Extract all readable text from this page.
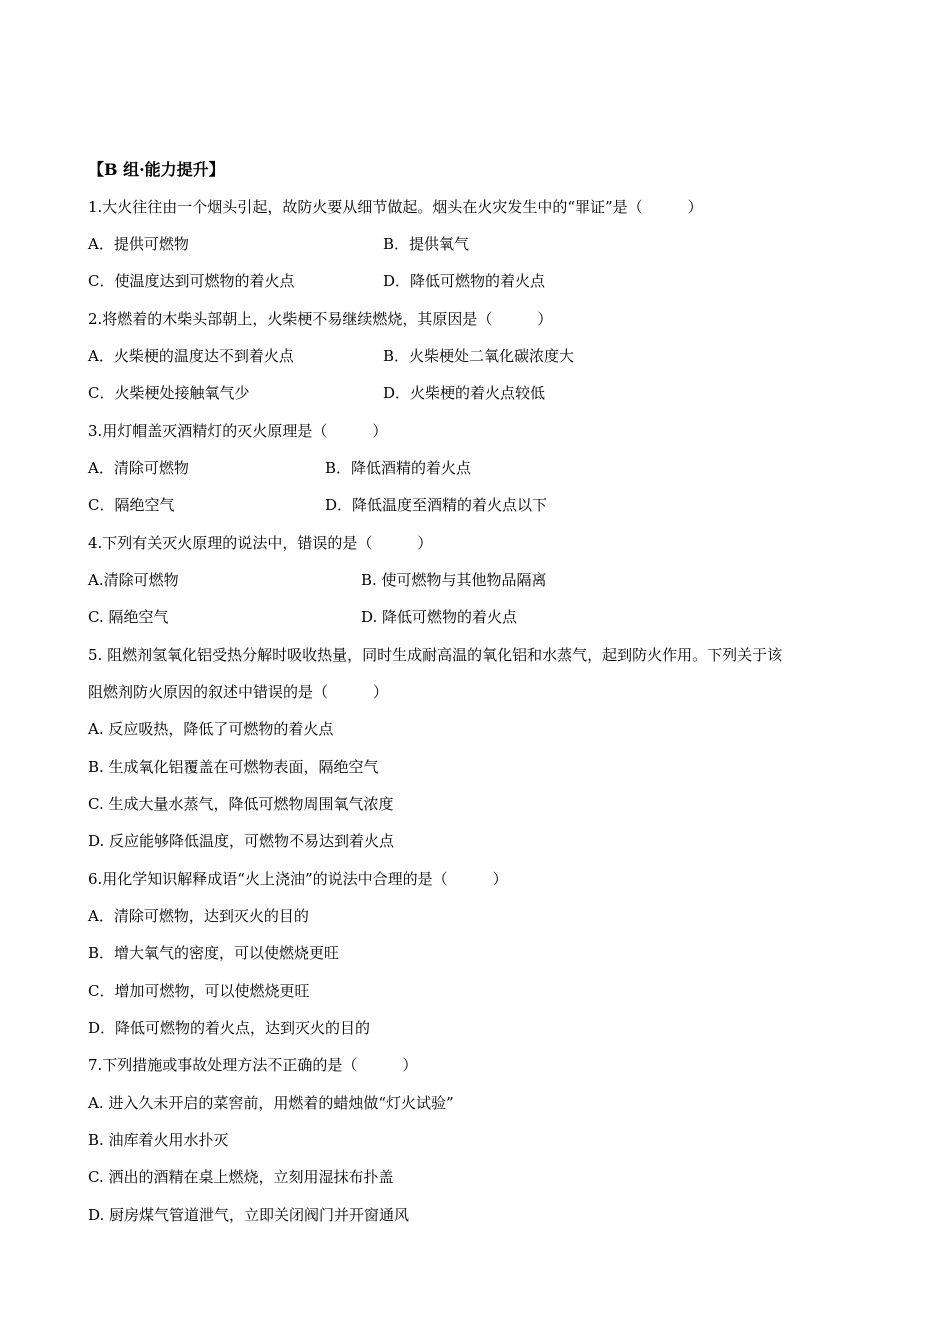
【B 组·能力提升】
1.大火往往由一个烟头引起，故防火要从细节做起。烟头在火灾发生中的“罪证”是（　　　）
A．提供可燃物	B．提供氧气
C．使温度达到可燃物的着火点	D．降低可燃物的着火点
2.将燃着的木柴头部朝上，火柴梗不易继续燃烧，其原因是（　　　）
A．火柴梗的温度达不到着火点	B．火柴梗处二氧化碳浓度大
C．火柴梗处接触氧气少	D．火柴梗的着火点较低
3.用灯帽盖灭酒精灯的灭火原理是（　　　）
A．清除可燃物	B．降低酒精的着火点
C．隔绝空气	D．降低温度至酒精的着火点以下
4.下列有关灭火原理的说法中，错误的是（　　　）
A.清除可燃物	B. 使可燃物与其他物品隔离
C. 隔绝空气	D. 降低可燃物的着火点
5. 阻燃剂氢氧化铝受热分解时吸收热量，同时生成耐高温的氧化铝和水蒸气，起到防火作用。下列关于该
阻燃剂防火原因的叙述中错误的是（　　　）
A. 反应吸热，降低了可燃物的着火点
B. 生成氧化铝覆盖在可燃物表面，隔绝空气
C. 生成大量水蒸气，降低可燃物周围氧气浓度
D. 反应能够降低温度，可燃物不易达到着火点
6.用化学知识解释成语“火上浇油”的说法中合理的是（　　　）
A．清除可燃物，达到灭火的目的
B．增大氧气的密度，可以使燃烧更旺
C．增加可燃物，可以使燃烧更旺
D．降低可燃物的着火点，达到灭火的目的
7.下列措施或事故处理方法不正确的是（　　　）
A. 进入久未开启的菜窖前，用燃着的蜡烛做“灯火试验”
B. 油库着火用水扑灭
C. 洒出的酒精在桌上燃烧，立刻用湿抹布扑盖
D. 厨房煤气管道泄气，立即关闭阀门并开窗通风
